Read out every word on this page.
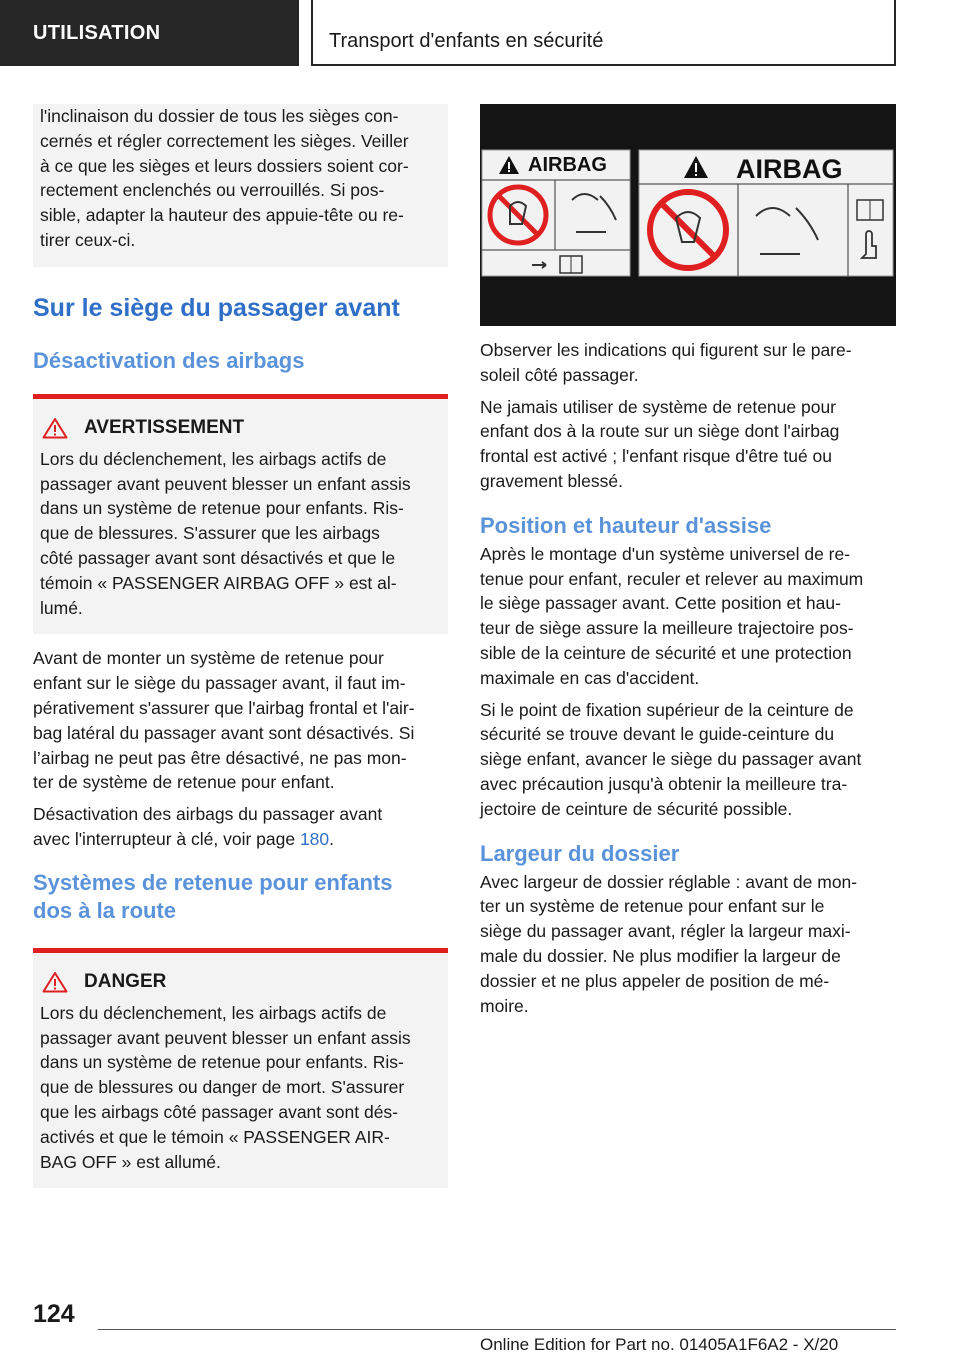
UTILISATION	Transport d'enfants en sécurité

l'inclinaison du dossier de tous les sièges con‐

cernés et régler correctement les sièges. Veiller

à ce que les sièges et leurs dossiers soient cor‐

rectement enclenchés ou verrouillés. Si pos‐

sible, adapter la hauteur des appuie-tête ou re‐

tirer ceux-ci.

Sur le siège du passager avant
Désactivation des airbags
AVERTISSEMENT

Lors du déclenchement, les airbags actifs de

passager avant peuvent blesser un enfant assis

dans un système de retenue pour enfants. Ris‐

que de blessures. S'assurer que les airbags

côté passager avant sont désactivés et que le

témoin « PASSENGER AIRBAG OFF » est al‐

lumé.

Avant de monter un système de retenue pour

enfant sur le siège du passager avant, il faut im‐

pérativement s'assurer que l'airbag frontal et l'air‐

bag latéral du passager avant sont désactivés. Si

l’airbag ne peut pas être désactivé, ne pas mon‐

ter de système de retenue pour enfant.

Désactivation des airbags du passager avant

avec l'interrupteur à clé, voir page 180.

Systèmes de retenue pour enfants
dos à la route
DANGER

Lors du déclenchement, les airbags actifs de

passager avant peuvent blesser un enfant assis

dans un système de retenue pour enfants. Ris‐

que de blessures ou danger de mort. S'assurer

que les airbags côté passager avant sont dés‐

activés et que le témoin « PASSENGER AIR‐

BAG OFF » est allumé.

AIRBAG	AIRBAG

Observer les indications qui figurent sur le pare-

soleil côté passager.

Ne jamais utiliser de système de retenue pour

enfant dos à la route sur un siège dont l'airbag

frontal est activé ; l'enfant risque d'être tué ou

gravement blessé.

Position et hauteur d'assise

Après le montage d'un système universel de re‐

tenue pour enfant, reculer et relever au maximum

le siège passager avant. Cette position et hau‐

teur de siège assure la meilleure trajectoire pos‐

sible de la ceinture de sécurité et une protection

maximale en cas d'accident.

Si le point de fixation supérieur de la ceinture de

sécurité se trouve devant le guide-ceinture du

siège enfant, avancer le siège du passager avant

avec précaution jusqu'à obtenir la meilleure tra‐

jectoire de ceinture de sécurité possible.

Largeur du dossier

Avec largeur de dossier réglable : avant de mon‐

ter un système de retenue pour enfant sur le

siège du passager avant, régler la largeur maxi‐

male du dossier. Ne plus modifier la largeur de

dossier et ne plus appeler de position de mé‐

moire.

124
Online Edition for Part no. 01405A1F6A2 - X/20
